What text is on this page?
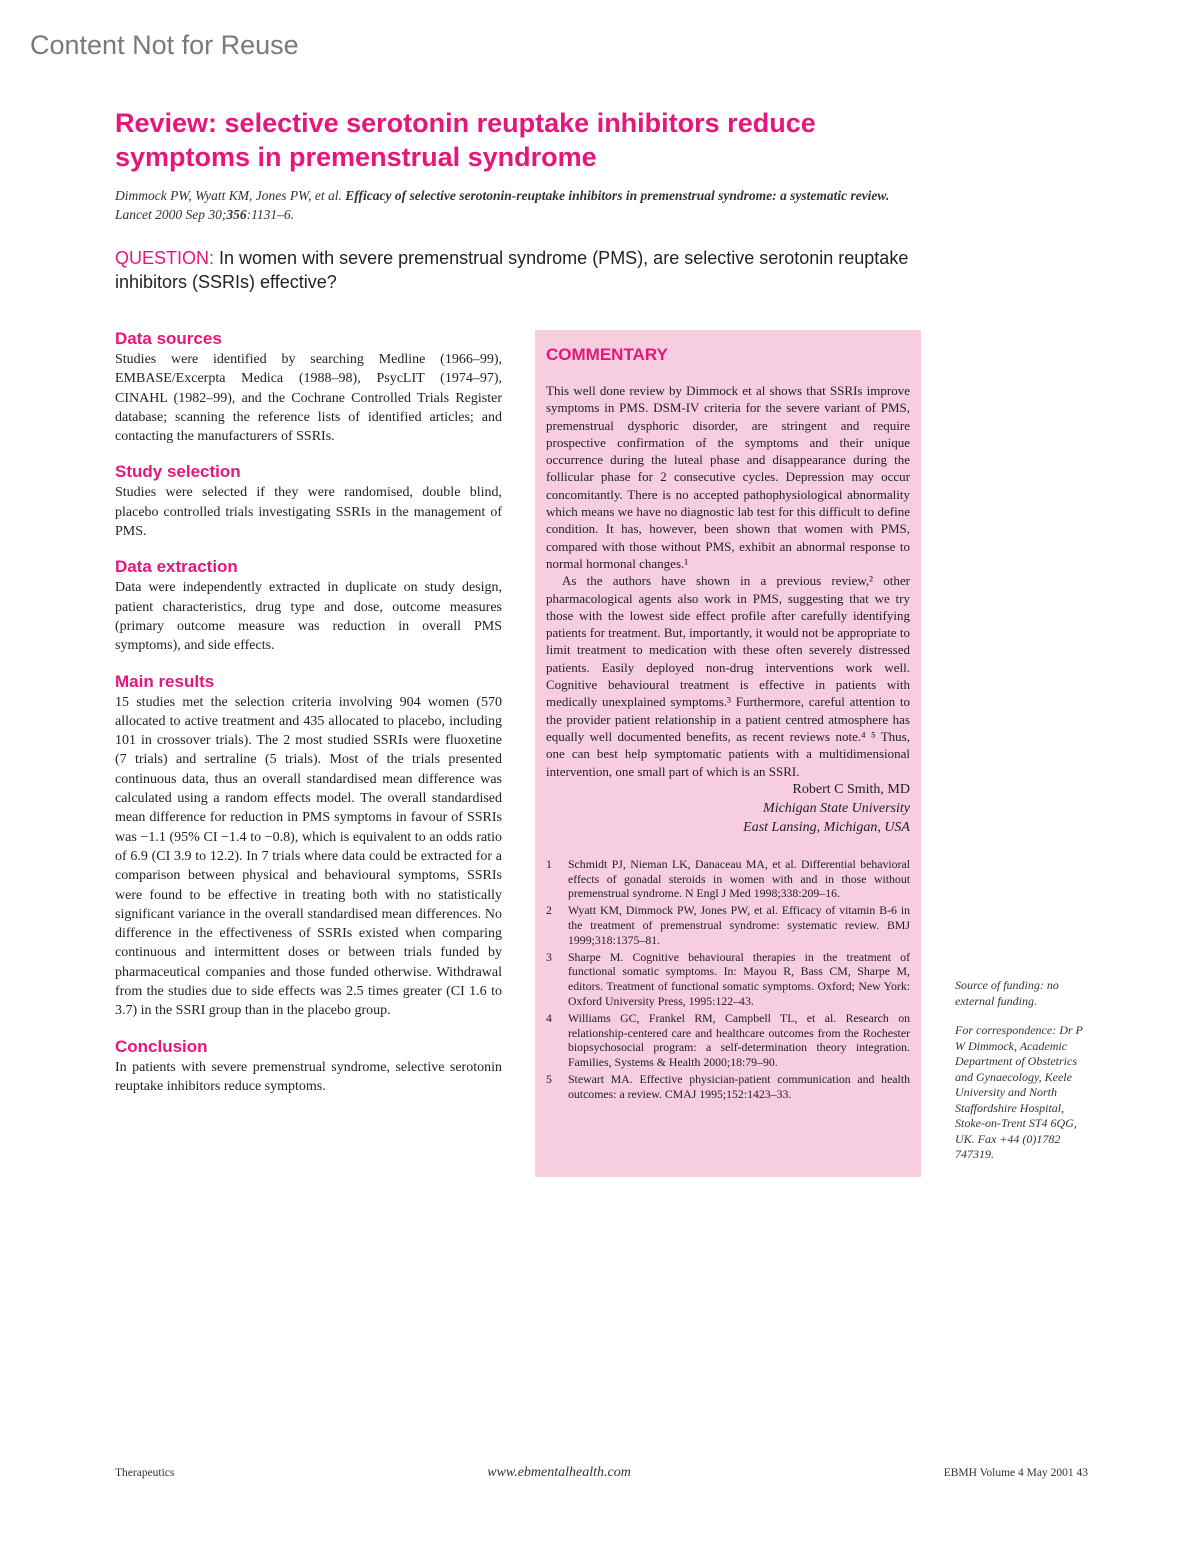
Content Not for Reuse
Review: selective serotonin reuptake inhibitors reduce symptoms in premenstrual syndrome
Dimmock PW, Wyatt KM, Jones PW, et al. Efficacy of selective serotonin-reuptake inhibitors in premenstrual syndrome: a systematic review. Lancet 2000 Sep 30;356:1131–6.
QUESTION: In women with severe premenstrual syndrome (PMS), are selective serotonin reuptake inhibitors (SSRIs) effective?
Data sources

Studies were identified by searching Medline (1966–99), EMBASE/Excerpta Medica (1988–98), PsycLIT (1974–97), CINAHL (1982–99), and the Cochrane Controlled Trials Register database; scanning the reference lists of identified articles; and contacting the manufacturers of SSRIs.

Study selection

Studies were selected if they were randomised, double blind, placebo controlled trials investigating SSRIs in the management of PMS.

Data extraction

Data were independently extracted in duplicate on study design, patient characteristics, drug type and dose, outcome measures (primary outcome measure was reduction in overall PMS symptoms), and side effects.

Main results

15 studies met the selection criteria involving 904 women (570 allocated to active treatment and 435 allocated to placebo, including 101 in crossover trials). The 2 most studied SSRIs were fluoxetine (7 trials) and sertraline (5 trials). Most of the trials presented continuous data, thus an overall standardised mean difference was calculated using a random effects model. The overall standardised mean difference for reduction in PMS symptoms in favour of SSRIs was −1.1 (95% CI −1.4 to −0.8), which is equivalent to an odds ratio of 6.9 (CI 3.9 to 12.2). In 7 trials where data could be extracted for a comparison between physical and behavioural symptoms, SSRIs were found to be effective in treating both with no statistically significant variance in the overall standardised mean differences. No difference in the effectiveness of SSRIs existed when comparing continuous and intermittent doses or between trials funded by pharmaceutical companies and those funded otherwise. Withdrawal from the studies due to side effects was 2.5 times greater (CI 1.6 to 3.7) in the SSRI group than in the placebo group.

Conclusion

In patients with severe premenstrual syndrome, selective serotonin reuptake inhibitors reduce symptoms.

COMMENTARY

This well done review by Dimmock et al shows that SSRIs improve symptoms in PMS. DSM-IV criteria for the severe variant of PMS, premenstrual dysphoric disorder, are stringent and require prospective confirmation of the symptoms and their unique occurrence during the luteal phase and disappearance during the follicular phase for 2 consecutive cycles. Depression may occur concomitantly. There is no accepted pathophysiological abnormality which means we have no diagnostic lab test for this difficult to define condition. It has, however, been shown that women with PMS, compared with those without PMS, exhibit an abnormal response to normal hormonal changes.¹

As the authors have shown in a previous review,² other pharmacological agents also work in PMS, suggesting that we try those with the lowest side effect profile after carefully identifying patients for treatment. But, importantly, it would not be appropriate to limit treatment to medication with these often severely distressed patients. Easily deployed non-drug interventions work well. Cognitive behavioural treatment is effective in patients with medically unexplained symptoms.³ Furthermore, careful attention to the provider patient relationship in a patient centred atmosphere has equally well documented benefits, as recent reviews note.⁴ ⁵ Thus, one can best help symptomatic patients with a multidimensional intervention, one small part of which is an SSRI.

Robert C Smith, MD
Michigan State University
East Lansing, Michigan, USA
1	Schmidt PJ, Nieman LK, Danaceau MA, et al. Differential behavioral effects of gonadal steroids in women with and in those without premenstrual syndrome. N Engl J Med 1998;338:209–16.
2	Wyatt KM, Dimmock PW, Jones PW, et al. Efficacy of vitamin B-6 in the treatment of premenstrual syndrome: systematic review. BMJ 1999;318:1375–81.
3	Sharpe M. Cognitive behavioural therapies in the treatment of functional somatic symptoms. In: Mayou R, Bass CM, Sharpe M, editors. Treatment of functional somatic symptoms. Oxford; New York: Oxford University Press, 1995:122–43.
4	Williams GC, Frankel RM, Campbell TL, et al. Research on relationship-centered care and healthcare outcomes from the Rochester biopsychosocial program: a self-determination theory integration. Families, Systems & Health 2000;18:79–90.
5	Stewart MA. Effective physician-patient communication and health outcomes: a review. CMAJ 1995;152:1423–33.

Source of funding: no external funding.

For correspondence: Dr P W Dimmock, Academic Department of Obstetrics and Gynaecology, Keele University and North Staffordshire Hospital, Stoke-on-Trent ST4 6QG, UK. Fax +44 (0)1782 747319.

Therapeutics	www.ebmentalhealth.com	EBMH Volume 4 May 2001 43
